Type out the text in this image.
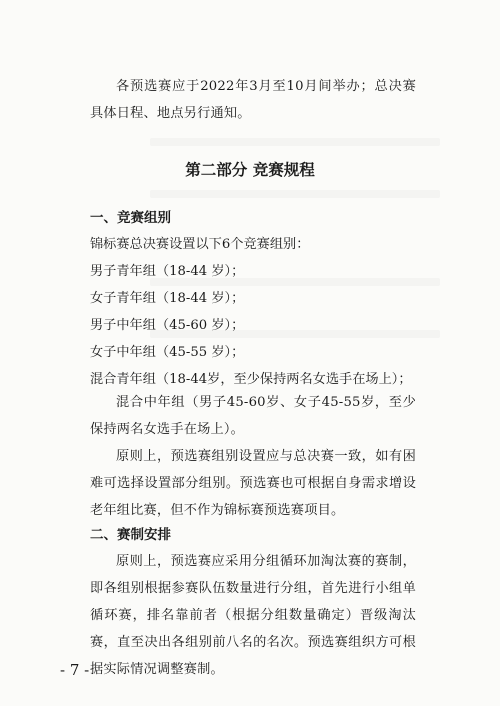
各预选赛应于2022年3月至10月间举办；总决赛具体日程、地点另行通知。

第二部分 竞赛规程
一、竞赛组别

锦标赛总决赛设置以下6个竞赛组别：

男子青年组（18-44 岁）；

女子青年组（18-44 岁）；

男子中年组（45-60 岁）；

女子中年组（45-55 岁）；

混合青年组（18-44岁，至少保持两名女选手在场上）；

混合中年组（男子45-60岁、女子45-55岁，至少保持两名女选手在场上）。

原则上，预选赛组别设置应与总决赛一致，如有困难可选择设置部分组别。预选赛也可根据自身需求增设老年组比赛，但不作为锦标赛预选赛项目。

二、赛制安排

原则上，预选赛应采用分组循环加淘汰赛的赛制，即各组别根据参赛队伍数量进行分组，首先进行小组单循环赛，排名靠前者（根据分组数量确定）晋级淘汰赛，直至决出各组别前八名的名次。预选赛组织方可根据实际情况调整赛制。

- 7 -
